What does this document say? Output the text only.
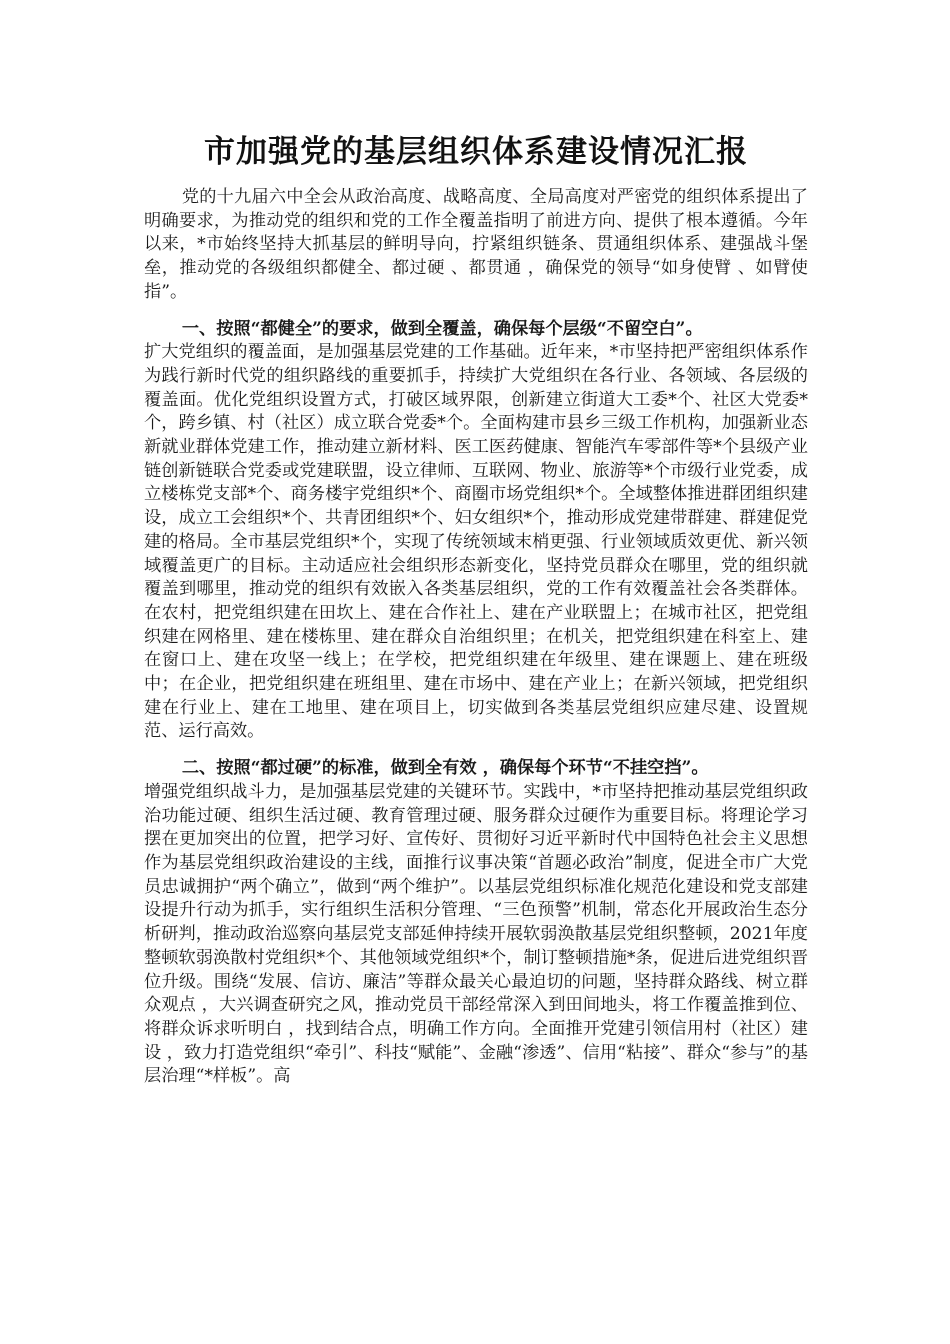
市加强党的基层组织体系建设情况汇报

党的十九届六中全会从政治高度、战略高度、全局高度对严密党的组织体系提出了明确要求，为推动党的组织和党的工作全覆盖指明了前进方向、提供了根本遵循。今年以来，*市始终坚持大抓基层的鲜明导向，拧紧组织链条、贯通组织体系、建强战斗堡垒，推动党的各级组织都健全、都过硬 、都贯通 ，确保党的领导“如身使臂 、如臂使指”。

一、按照“都健全”的要求，做到全覆盖，确保每个层级“不留空白”。
扩大党组织的覆盖面，是加强基层党建的工作基础。近年来，*市坚持把严密组织体系作为践行新时代党的组织路线的重要抓手，持续扩大党组织在各行业、各领域、各层级的覆盖面。优化党组织设置方式，打破区域界限，创新建立街道大工委*个、社区大党委*个，跨乡镇、村（社区）成立联合党委*个。全面构建市县乡三级工作机构，加强新业态新就业群体党建工作，推动建立新材料、医工医药健康、智能汽车零部件等*个县级产业链创新链联合党委或党建联盟，设立律师、互联网、物业、旅游等*个市级行业党委，成立楼栋党支部*个、商务楼宇党组织*个、商圈市场党组织*个。全域整体推进群团组织建设，成立工会组织*个、共青团组织*个、妇女组织*个，推动形成党建带群建、群建促党建的格局。全市基层党组织*个，实现了传统领域末梢更强、行业领域质效更优、新兴领域覆盖更广的目标。主动适应社会组织形态新变化，坚持党员群众在哪里，党的组织就覆盖到哪里，推动党的组织有效嵌入各类基层组织，党的工作有效覆盖社会各类群体。在农村，把党组织建在田坎上、建在合作社上、建在产业联盟上；在城市社区，把党组织建在网格里、建在楼栋里、建在群众自治组织里；在机关，把党组织建在科室上、建在窗口上、建在攻坚一线上；在学校，把党组织建在年级里、建在课题上、建在班级中；在企业，把党组织建在班组里、建在市场中、建在产业上；在新兴领域，把党组织建在行业上、建在工地里、建在项目上，切实做到各类基层党组织应建尽建、设置规范、运行高效。

二、按照“都过硬”的标准，做到全有效 ，确保每个环节“不挂空挡”。
增强党组织战斗力，是加强基层党建的关键环节。实践中，*市坚持把推动基层党组织政治功能过硬、组织生活过硬、教育管理过硬、服务群众过硬作为重要目标。将理论学习摆在更加突出的位置，把学习好、宣传好、贯彻好习近平新时代中国特色社会主义思想作为基层党组织政治建设的主线，面推行议事决策“首题必政治”制度，促进全市广大党员忠诚拥护“两个确立”，做到“两个维护”。以基层党组织标准化规范化建设和党支部建设提升行动为抓手，实行组织生活积分管理、“三色预警”机制，常态化开展政治生态分析研判，推动政治巡察向基层党支部延伸持续开展软弱涣散基层党组织整顿，2021年度整顿软弱涣散村党组织*个、其他领域党组织*个，制订整顿措施*条，促进后进党组织晋位升级。围绕“发展、信访、廉洁”等群众最关心最迫切的问题，坚持群众路线、树立群众观点 ，大兴调查研究之风，推动党员干部经常深入到田间地头，将工作覆盖推到位、将群众诉求听明白 ，找到结合点，明确工作方向。全面推开党建引领信用村（社区）建设 ，致力打造党组织“牵引”、科技“赋能”、金融“渗透”、信用“粘接”、群众“参与”的基层治理“*样板”。高
